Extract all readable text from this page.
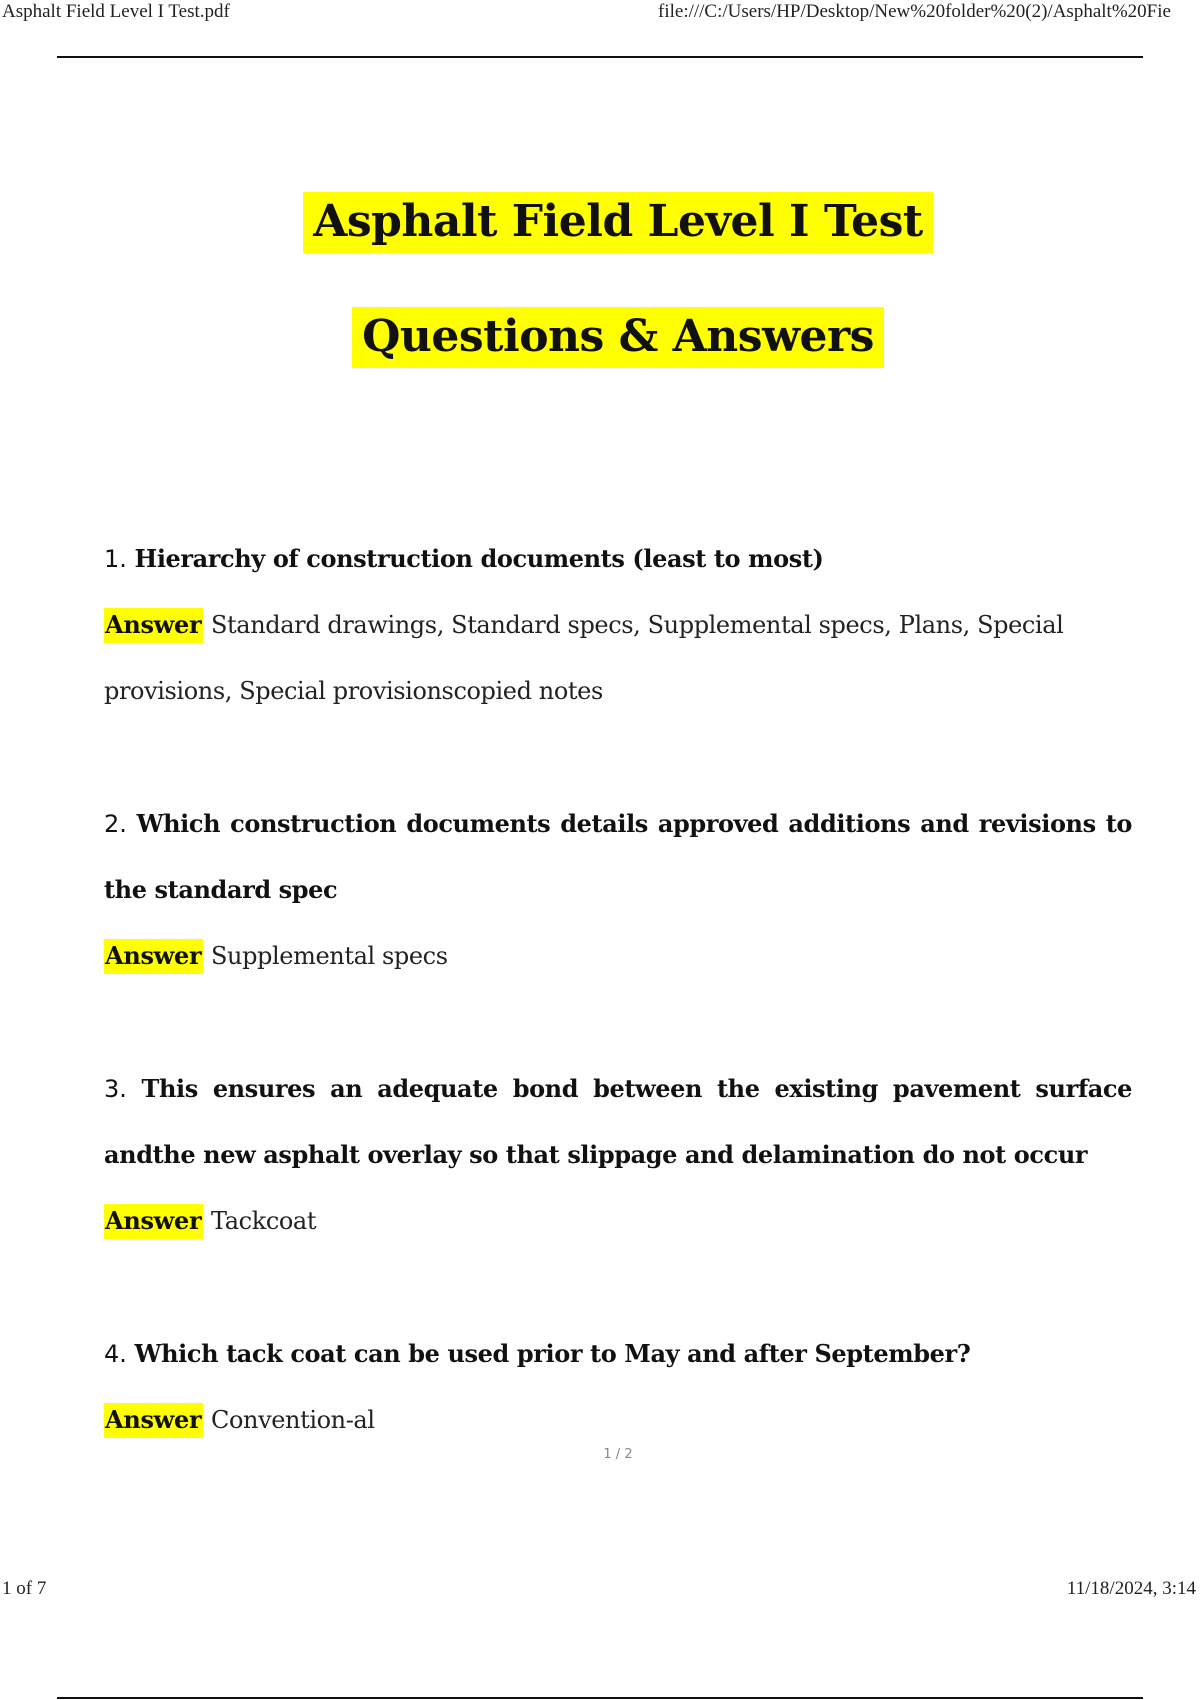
Asphalt Field Level I Test.pdf	file:///C:/Users/HP/Desktop/New%20folder%20(2)/Asphalt%20Fie
Asphalt Field Level I Test
Questions & Answers
1. Hierarchy of construction documents (least to most)
Answer Standard drawings, Standard specs, Supplemental specs, Plans, Special provisions, Special provisionscopied notes
2. Which construction documents details approved additions and revisions to the standard spec
Answer Supplemental specs
3. This ensures an adequate bond between the existing pavement surface andthe new asphalt overlay so that slippage and delamination do not occur
Answer Tackcoat
4. Which tack coat can be used prior to May and after September?
Answer Convention-al
1 / 2
1 of 7	11/18/2024, 3:14
